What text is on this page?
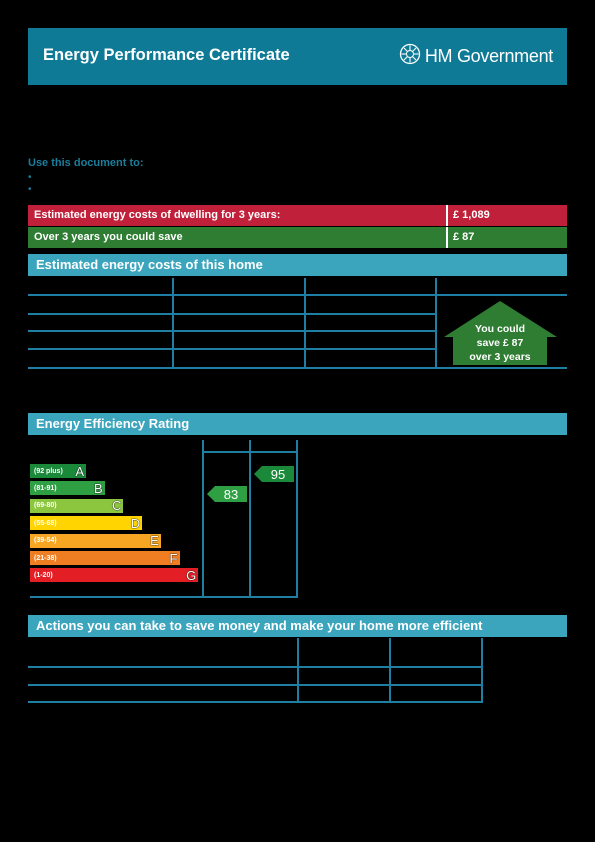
Energy Performance Certificate	HM Government
Use this document to:
•
•
Estimated energy costs of dwelling for 3 years:	£ 1,089
Over 3 years you could save	£ 87
Estimated energy costs of this home
You could
save £ 87
over 3 years
Energy Efficiency Rating
(92 plus) A
(81-91)	B
(69-80)	C
(55-68)	D
(39-54)	E
(21-38)	F
(1-20)	G
83
95
Actions you can take to save money and make your home more efficient
